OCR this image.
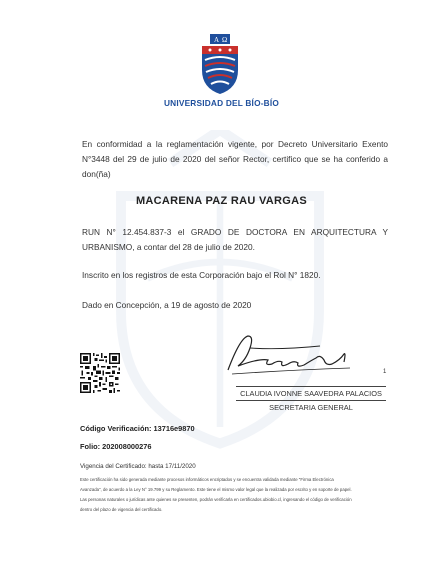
A Ω
UNIVERSIDAD DEL BÍO-BÍO
En conformidad a la reglamentación vigente, por Decreto Universitario Exento N°3448 del 29 de julio de 2020 del señor Rector, certifico que se ha conferido a don(ña)
MACARENA PAZ RAU VARGAS
RUN N° 12.454.837-3 el GRADO DE DOCTORA EN ARQUITECTURA Y URBANISMO, a contar del 28 de julio de 2020.
Inscrito en los registros de esta Corporación bajo el Rol N° 1820.
Dado en Concepción, a 19 de agosto de 2020
1
CLAUDIA IVONNE SAAVEDRA PALACIOS
SECRETARIA GENERAL
Código Verificación: 13716e9870
Folio: 202008000276
Vigencia del Certificado: hasta 17/11/2020
Este certificación ha sido generada mediante procesos informáticos encriptados y se encuentra validada mediante "Firma Electrónica
Avanzada", de acuerdo a la Ley N° 19.799 y su Reglamento. Este tiene el mismo valor legal que la realizada por escrito y en soporte de papel.
Las personas naturales o jurídicas ante quienes se presenten, podrán verificarla en certificados.ubiobio.cl, ingresando el código de verificación
dentro del plazo de vigencia del certificado.
